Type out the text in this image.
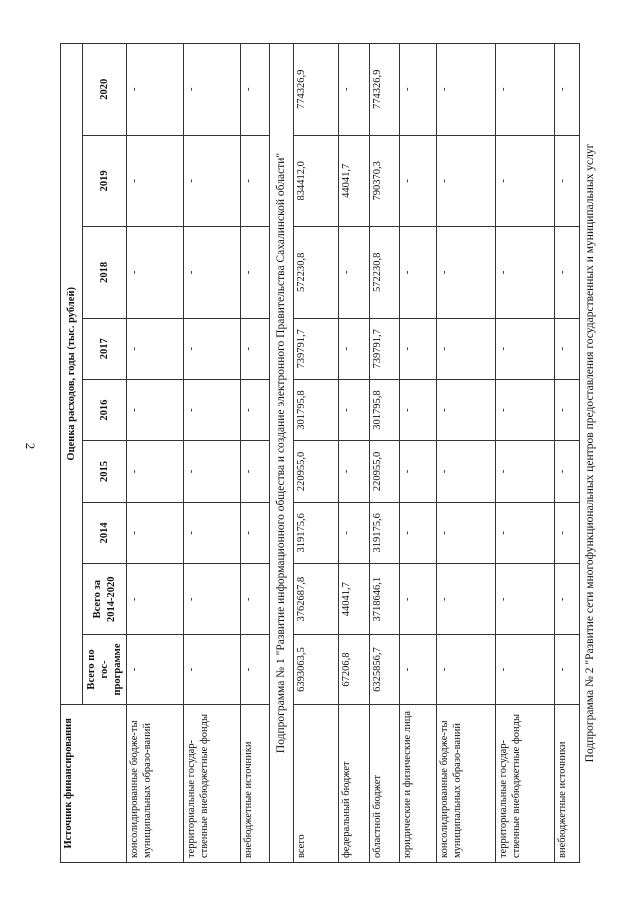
2
Источник финансирования	Оценка расходов, годы (тыс. рублей)								
	Всего по гос-программе	Всего за 2014-2020	2014	2015	2016	2017	2018	2019	2020
консолидированные бюдже-ты муниципальных образо-ваний	-	-	-	-	-	-	-	-	-
территориальные государ-ственные внебюджетные фонды	-	-	-	-	-	-	-	-	-
внебюджетные источники	-	-	-	-	-	-	-	-	-
Подпрограмма № 1 "Развитие информационного общества и создание электронного Правительства Сахалинской области"									
всего	6393063,5	3762687,8	319175,6	220955,0	301795,8	739791,7	572230,8	834412,0	774326,9
федеральный бюджет	67206,8	44041,7	-	-	-	-	-	44041,7	-
областной бюджет	6325856,7	3718646,1	319175,6	220955,0	301795,8	739791,7	572230,8	790370,3	774326,9
юридические и физические лица	-	-	-	-	-	-	-	-	-
консолидированные бюдже-ты муниципальных образо-ваний	-	-	-	-	-	-	-	-	-
территориальные государ-ственные внебюджетные фонды	-	-	-	-	-	-	-	-	-
внебюджетные источники	-	-	-	-	-	-	-	-	-
Подпрограмма № 2 "Развитие сети многофункциональных центров предоставления государственных и муниципальных услуг
